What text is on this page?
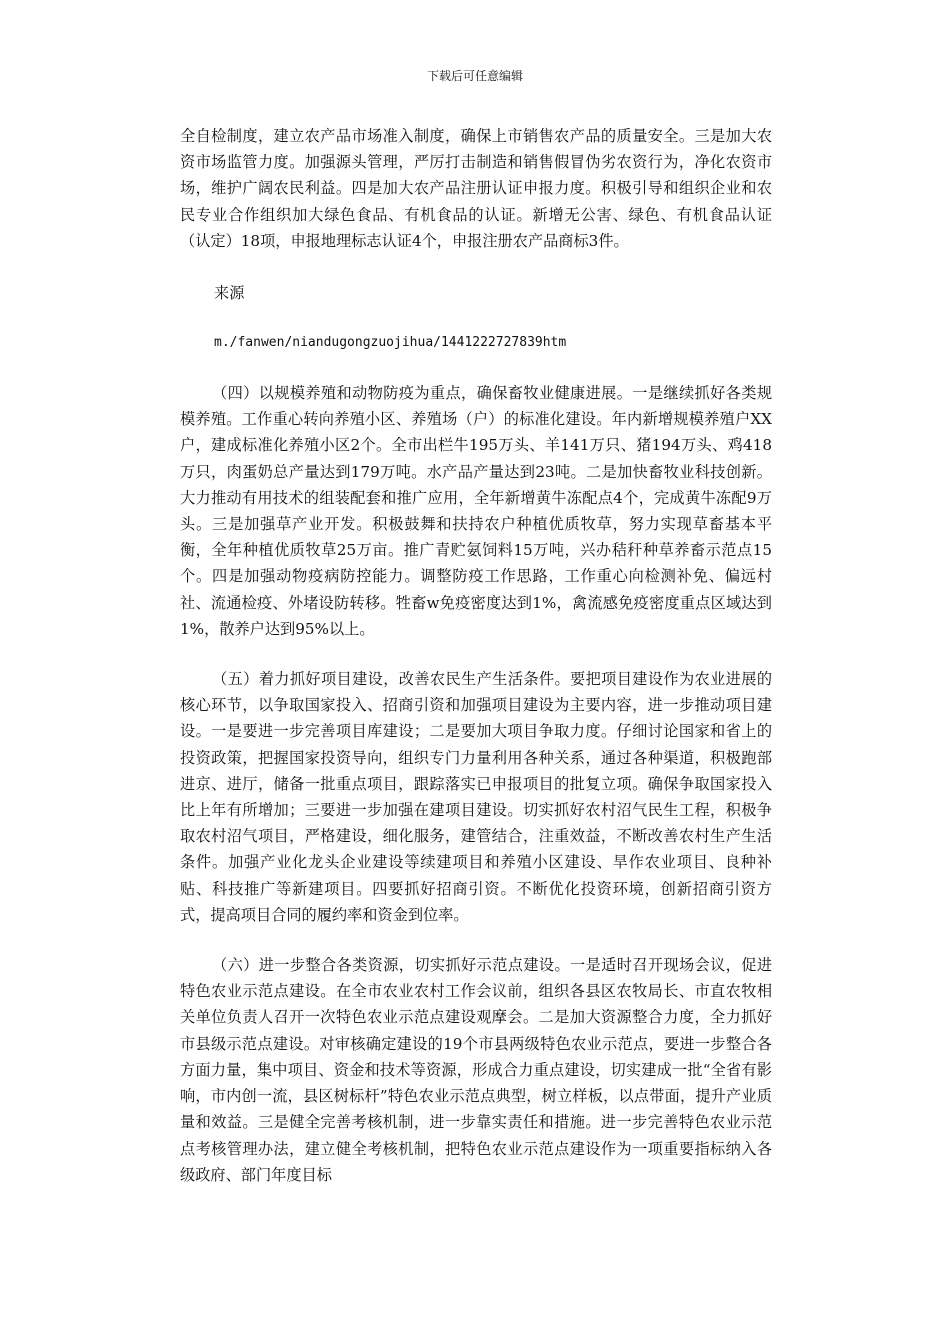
下载后可任意编辑

全自检制度，建立农产品市场准入制度，确保上市销售农产品的质量安全。三是加大农资市场监管力度。加强源头管理，严厉打击制造和销售假冒伪劣农资行为，净化农资市场，维护广阔农民利益。四是加大农产品注册认证申报力度。积极引导和组织企业和农民专业合作组织加大绿色食品、有机食品的认证。新增无公害、绿色、有机食品认证（认定）18项，申报地理标志认证4个，申报注册农产品商标3件。

来源
m./fanwen/niandugongzuojihua/1441222727839htm

（四）以规模养殖和动物防疫为重点，确保畜牧业健康进展。一是继续抓好各类规模养殖。工作重心转向养殖小区、养殖场（户）的标准化建设。年内新增规模养殖户XX户，建成标准化养殖小区2个。全市出栏牛195万头、羊141万只、猪194万头、鸡418万只，肉蛋奶总产量达到179万吨。水产品产量达到23吨。二是加快畜牧业科技创新。大力推动有用技术的组装配套和推广应用，全年新增黄牛冻配点4个，完成黄牛冻配9万头。三是加强草产业开发。积极鼓舞和扶持农户种植优质牧草，努力实现草畜基本平衡，全年种植优质牧草25万亩。推广青贮氨饲料15万吨，兴办秸秆种草养畜示范点15个。四是加强动物疫病防控能力。调整防疫工作思路，工作重心向检测补免、偏远村社、流通检疫、外堵设防转移。牲畜w免疫密度达到1%，禽流感免疫密度重点区域达到1%，散养户达到95%以上。

（五）着力抓好项目建设，改善农民生产生活条件。要把项目建设作为农业进展的核心环节，以争取国家投入、招商引资和加强项目建设为主要内容，进一步推动项目建设。一是要进一步完善项目库建设；二是要加大项目争取力度。仔细讨论国家和省上的投资政策，把握国家投资导向，组织专门力量利用各种关系，通过各种渠道，积极跑部进京、进厅，储备一批重点项目，跟踪落实已申报项目的批复立项。确保争取国家投入比上年有所增加；三要进一步加强在建项目建设。切实抓好农村沼气民生工程，积极争取农村沼气项目，严格建设，细化服务，建管结合，注重效益，不断改善农村生产生活条件。加强产业化龙头企业建设等续建项目和养殖小区建设、旱作农业项目、良种补贴、科技推广等新建项目。四要抓好招商引资。不断优化投资环境，创新招商引资方式，提高项目合同的履约率和资金到位率。

（六）进一步整合各类资源，切实抓好示范点建设。一是适时召开现场会议，促进特色农业示范点建设。在全市农业农村工作会议前，组织各县区农牧局长、市直农牧相关单位负责人召开一次特色农业示范点建设观摩会。二是加大资源整合力度，全力抓好市县级示范点建设。对审核确定建设的19个市县两级特色农业示范点，要进一步整合各方面力量，集中项目、资金和技术等资源，形成合力重点建设，切实建成一批“全省有影响，市内创一流，县区树标杆”特色农业示范点典型，树立样板，以点带面，提升产业质量和效益。三是健全完善考核机制，进一步靠实责任和措施。进一步完善特色农业示范点考核管理办法，建立健全考核机制，把特色农业示范点建设作为一项重要指标纳入各级政府、部门年度目标
